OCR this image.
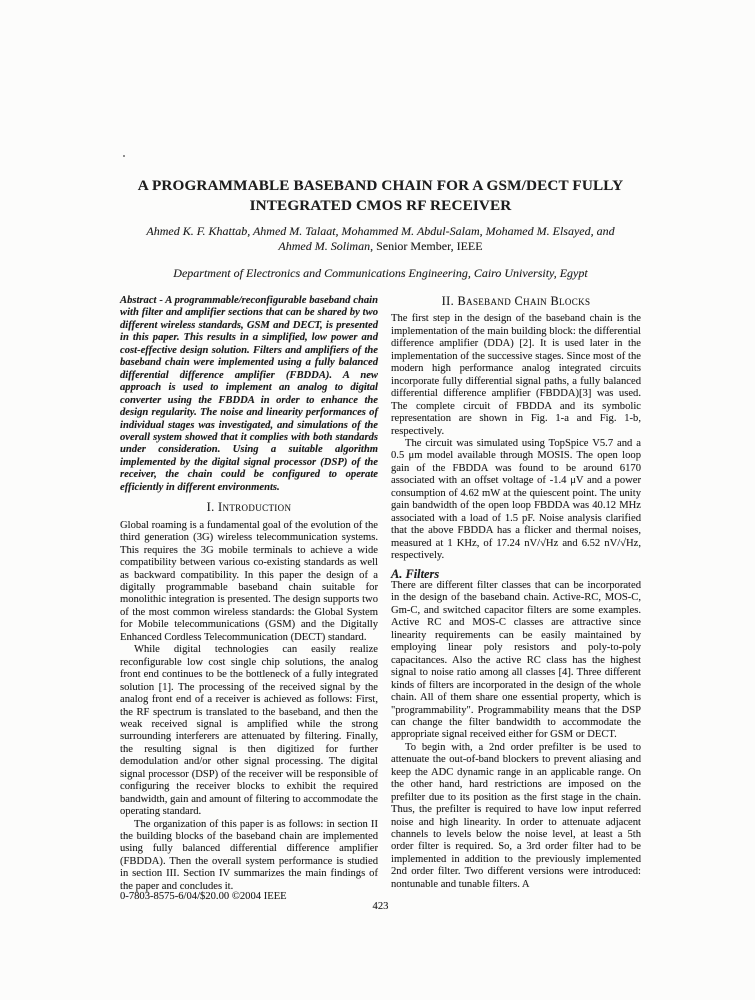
A PROGRAMMABLE BASEBAND CHAIN FOR A GSM/DECT FULLY
INTEGRATED CMOS RF RECEIVER
Ahmed K. F. Khattab, Ahmed M. Talaat, Mohammed M. Abdul-Salam, Mohamed M. Elsayed, and
Ahmed M. Soliman, Senior Member, IEEE
Department of Electronics and Communications Engineering, Cairo University, Egypt

Abstract - A programmable/reconfigurable baseband chain with filter and amplifier sections that can be shared by two different wireless standards, GSM and DECT, is presented in this paper. This results in a simplified, low power and cost-effective design solution. Filters and amplifiers of the baseband chain were implemented using a fully balanced differential difference amplifier (FBDDA). A new approach is used to implement an analog to digital converter using the FBDDA in order to enhance the design regularity. The noise and linearity performances of individual stages was investigated, and simulations of the overall system showed that it complies with both standards under consideration. Using a suitable algorithm implemented by the digital signal processor (DSP) of the receiver, the chain could be configured to operate efficiently in different environments.

I. Introduction

Global roaming is a fundamental goal of the evolution of the third generation (3G) wireless telecommunication systems. This requires the 3G mobile terminals to achieve a wide compatibility between various co-existing standards as well as backward compatibility. In this paper the design of a digitally programmable baseband chain suitable for monolithic integration is presented. The design supports two of the most common wireless standards: the Global System for Mobile telecommunications (GSM) and the Digitally Enhanced Cordless Telecommunication (DECT) standard.

While digital technologies can easily realize reconfigurable low cost single chip solutions, the analog front end continues to be the bottleneck of a fully integrated solution [1]. The processing of the received signal by the analog front end of a receiver is achieved as follows: First, the RF spectrum is translated to the baseband, and then the weak received signal is amplified while the strong surrounding interferers are attenuated by filtering. Finally, the resulting signal is then digitized for further demodulation and/or other signal processing. The digital signal processor (DSP) of the receiver will be responsible of configuring the receiver blocks to exhibit the required bandwidth, gain and amount of filtering to accommodate the operating standard.

The organization of this paper is as follows: in section II the building blocks of the baseband chain are implemented using fully balanced differential difference amplifier (FBDDA). Then the overall system performance is studied in section III. Section IV summarizes the main findings of the paper and concludes it.

II. Baseband Chain Blocks

The first step in the design of the baseband chain is the implementation of the main building block: the differential difference amplifier (DDA) [2]. It is used later in the implementation of the successive stages. Since most of the modern high performance analog integrated circuits incorporate fully differential signal paths, a fully balanced differential difference amplifier (FBDDA)[3] was used. The complete circuit of FBDDA and its symbolic representation are shown in Fig. 1-a and Fig. 1-b, respectively.

The circuit was simulated using TopSpice V5.7 and a 0.5 μm model available through MOSIS. The open loop gain of the FBDDA was found to be around 6170 associated with an offset voltage of -1.4 μV and a power consumption of 4.62 mW at the quiescent point. The unity gain bandwidth of the open loop FBDDA was 40.12 MHz associated with a load of 1.5 pF. Noise analysis clarified that the above FBDDA has a flicker and thermal noises, measured at 1 KHz, of 17.24 nV/√Hz and 6.52 nV/√Hz, respectively.

A. Filters

There are different filter classes that can be incorporated in the design of the baseband chain. Active-RC, MOS-C, Gm-C, and switched capacitor filters are some examples. Active RC and MOS-C classes are attractive since linearity requirements can be easily maintained by employing linear poly resistors and poly-to-poly capacitances. Also the active RC class has the highest signal to noise ratio among all classes [4]. Three different kinds of filters are incorporated in the design of the whole chain. All of them share one essential property, which is "programmability". Programmability means that the DSP can change the filter bandwidth to accommodate the appropriate signal received either for GSM or DECT.

To begin with, a 2nd order prefilter is be used to attenuate the out-of-band blockers to prevent aliasing and keep the ADC dynamic range in an applicable range. On the other hand, hard restrictions are imposed on the prefilter due to its position as the first stage in the chain. Thus, the prefilter is required to have low input referred noise and high linearity. In order to attenuate adjacent channels to levels below the noise level, at least a 5th order filter is required. So, a 3rd order filter had to be implemented in addition to the previously implemented 2nd order filter. Two different versions were introduced: nontunable and tunable filters. A

0-7803-8575-6/04/$20.00 ©2004 IEEE
423
